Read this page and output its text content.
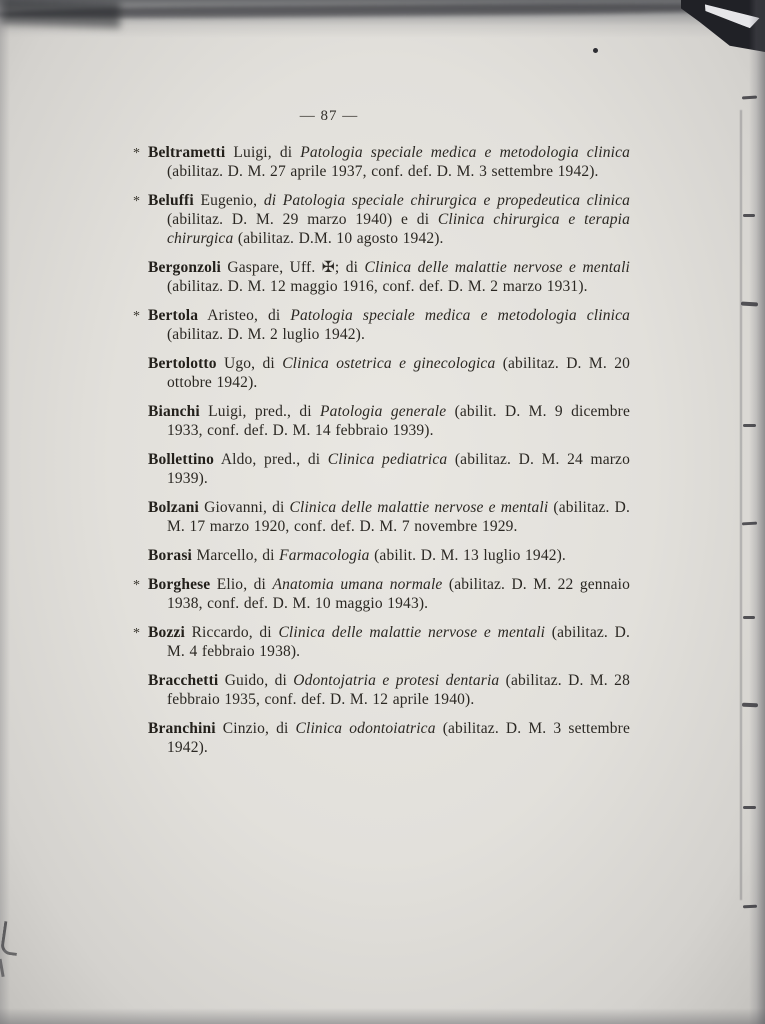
— 87 —

* Beltrametti Luigi, di Patologia speciale medica e metodologia clinica (abilitaz. D. M. 27 aprile 1937, conf. def. D. M. 3 settembre 1942).

* Beluffi Eugenio, di Patologia speciale chirurgica e propedeutica clinica (abilitaz. D. M. 29 marzo 1940) e di Clinica chirurgica e terapia chirurgica (abilitaz. D.M. 10 agosto 1942).

Bergonzoli Gaspare, Uff. ✠; di Clinica delle malattie nervose e mentali (abilitaz. D. M. 12 maggio 1916, conf. def. D. M. 2 marzo 1931).

* Bertola Aristeo, di Patologia speciale medica e metodologia clinica (abilitaz. D. M. 2 luglio 1942).

Bertolotto Ugo, di Clinica ostetrica e ginecologica (abilitaz. D. M. 20 ottobre 1942).

Bianchi Luigi, pred., di Patologia generale (abilit. D. M. 9 dicembre 1933, conf. def. D. M. 14 febbraio 1939).

Bollettino Aldo, pred., di Clinica pediatrica (abilitaz. D. M. 24 marzo 1939).

Bolzani Giovanni, di Clinica delle malattie nervose e mentali (abilitaz. D. M. 17 marzo 1920, conf. def. D. M. 7 novembre 1929.

Borasi Marcello, di Farmacologia (abilit. D. M. 13 luglio 1942).

* Borghese Elio, di Anatomia umana normale (abilitaz. D. M. 22 gennaio 1938, conf. def. D. M. 10 maggio 1943).

* Bozzi Riccardo, di Clinica delle malattie nervose e mentali (abilitaz. D. M. 4 febbraio 1938).

Bracchetti Guido, di Odontojatria e protesi dentaria (abilitaz. D. M. 28 febbraio 1935, conf. def. D. M. 12 aprile 1940).

Branchini Cinzio, di Clinica odontoiatrica (abilitaz. D. M. 3 settembre 1942).
